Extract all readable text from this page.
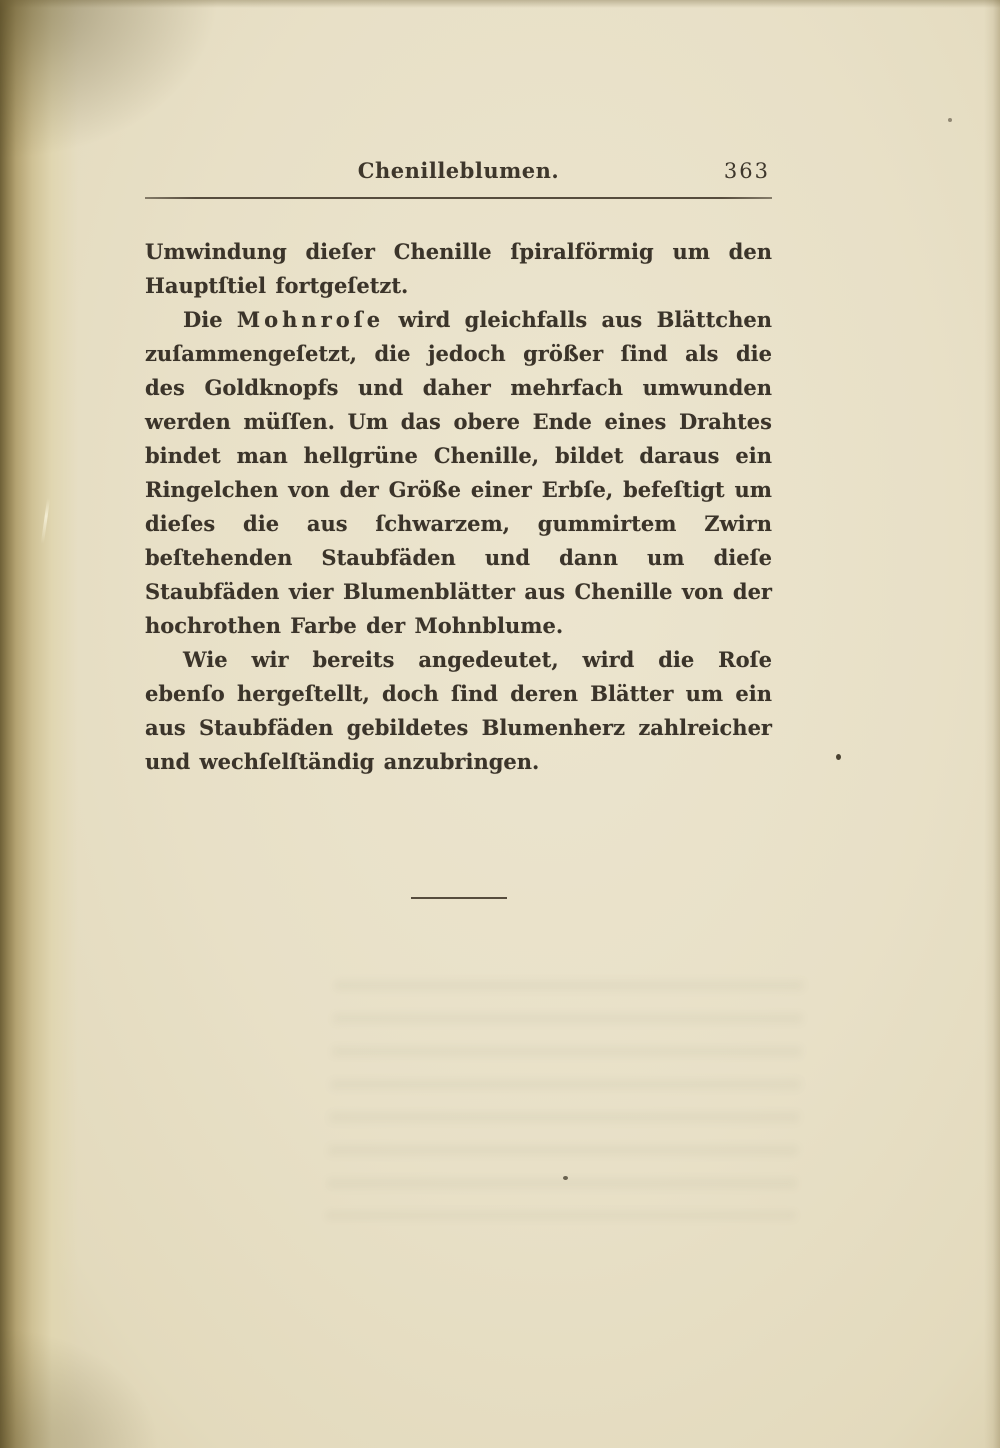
Chenilleblumen.	363

Umwindung dieſer Chenille ſpiralförmig um den Hauptſtiel fortgeſetzt.

Die Mohnroſe wird gleichfalls aus Blättchen zuſammengeſetzt, die jedoch größer ſind als die des Goldknopfs und daher mehrfach umwunden werden müſſen. Um das obere Ende eines Drahtes bindet man hellgrüne Chenille, bildet daraus ein Ringelchen von der Größe einer Erbſe, befeſtigt um dieſes die aus ſchwarzem, gummirtem Zwirn beſtehenden Staubfäden und dann um dieſe Staubfäden vier Blumenblätter aus Chenille von der hochrothen Farbe der Mohnblume.

Wie wir bereits angedeutet, wird die Roſe ebenſo hergeſtellt, doch ſind deren Blätter um ein aus Staubfäden gebildetes Blumenherz zahlreicher und wechſelſtändig anzubringen.
